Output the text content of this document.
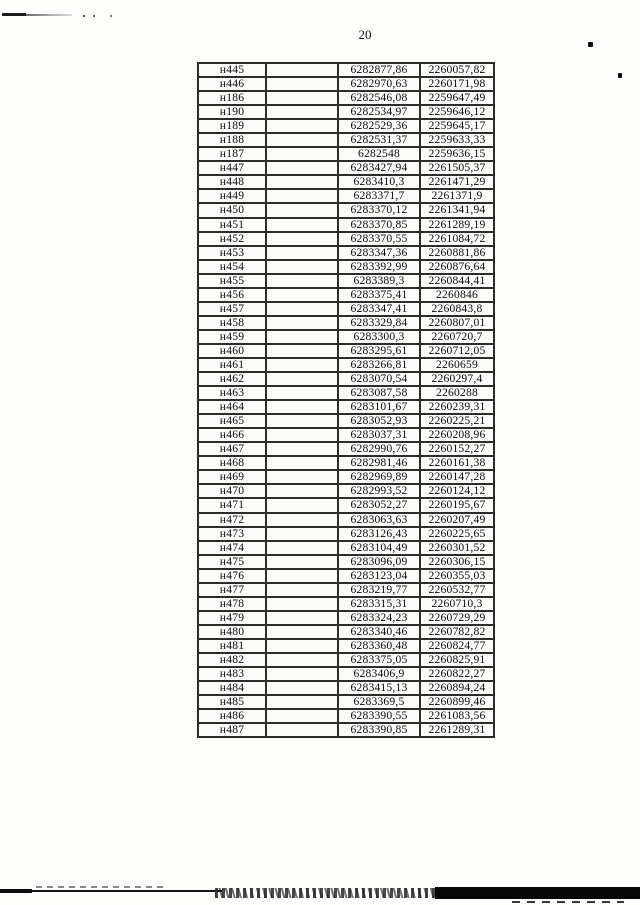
20
н445		6282877,86	2260057,82
н446		6282970,63	2260171,98
н186		6282546,08	2259647,49
н190		6282534,97	2259646,12
н189		6282529,36	2259645,17
н188		6282531,37	2259633,33
н187		6282548	2259636,15
н447		6283427,94	2261505,37
н448		6283410,3	2261471,29
н449		6283371,7	2261371,9
н450		6283370,12	2261341,94
н451		6283370,85	2261289,19
н452		6283370,55	2261084,72
н453		6283347,36	2260881,86
н454		6283392,99	2260876,64
н455		6283389,3	2260844,41
н456		6283375,41	2260846
н457		6283347,41	2260843,8
н458		6283329,84	2260807,01
н459		6283300,3	2260720,7
н460		6283295,61	2260712,05
н461		6283266,81	2260659
н462		6283070,54	2260297,4
н463		6283087,58	2260288
н464		6283101,67	2260239,31
н465		6283052,93	2260225,21
н466		6283037,31	2260208,96
н467		6282990,76	2260152,27
н468		6282981,46	2260161,38
н469		6282969,89	2260147,28
н470		6282993,52	2260124,12
н471		6283052,27	2260195,67
н472		6283063,63	2260207,49
н473		6283126,43	2260225,65
н474		6283104,49	2260301,52
н475		6283096,09	2260306,15
н476		6283123,04	2260355,03
н477		6283219,77	2260532,77
н478		6283315,31	2260710,3
н479		6283324,23	2260729,29
н480		6283340,46	2260782,82
н481		6283360,48	2260824,77
н482		6283375,05	2260825,91
н483		6283406,9	2260822,27
н484		6283415,13	2260894,24
н485		6283369,5	2260899,46
н486		6283390,55	2261083,56
н487		6283390,85	2261289,31
